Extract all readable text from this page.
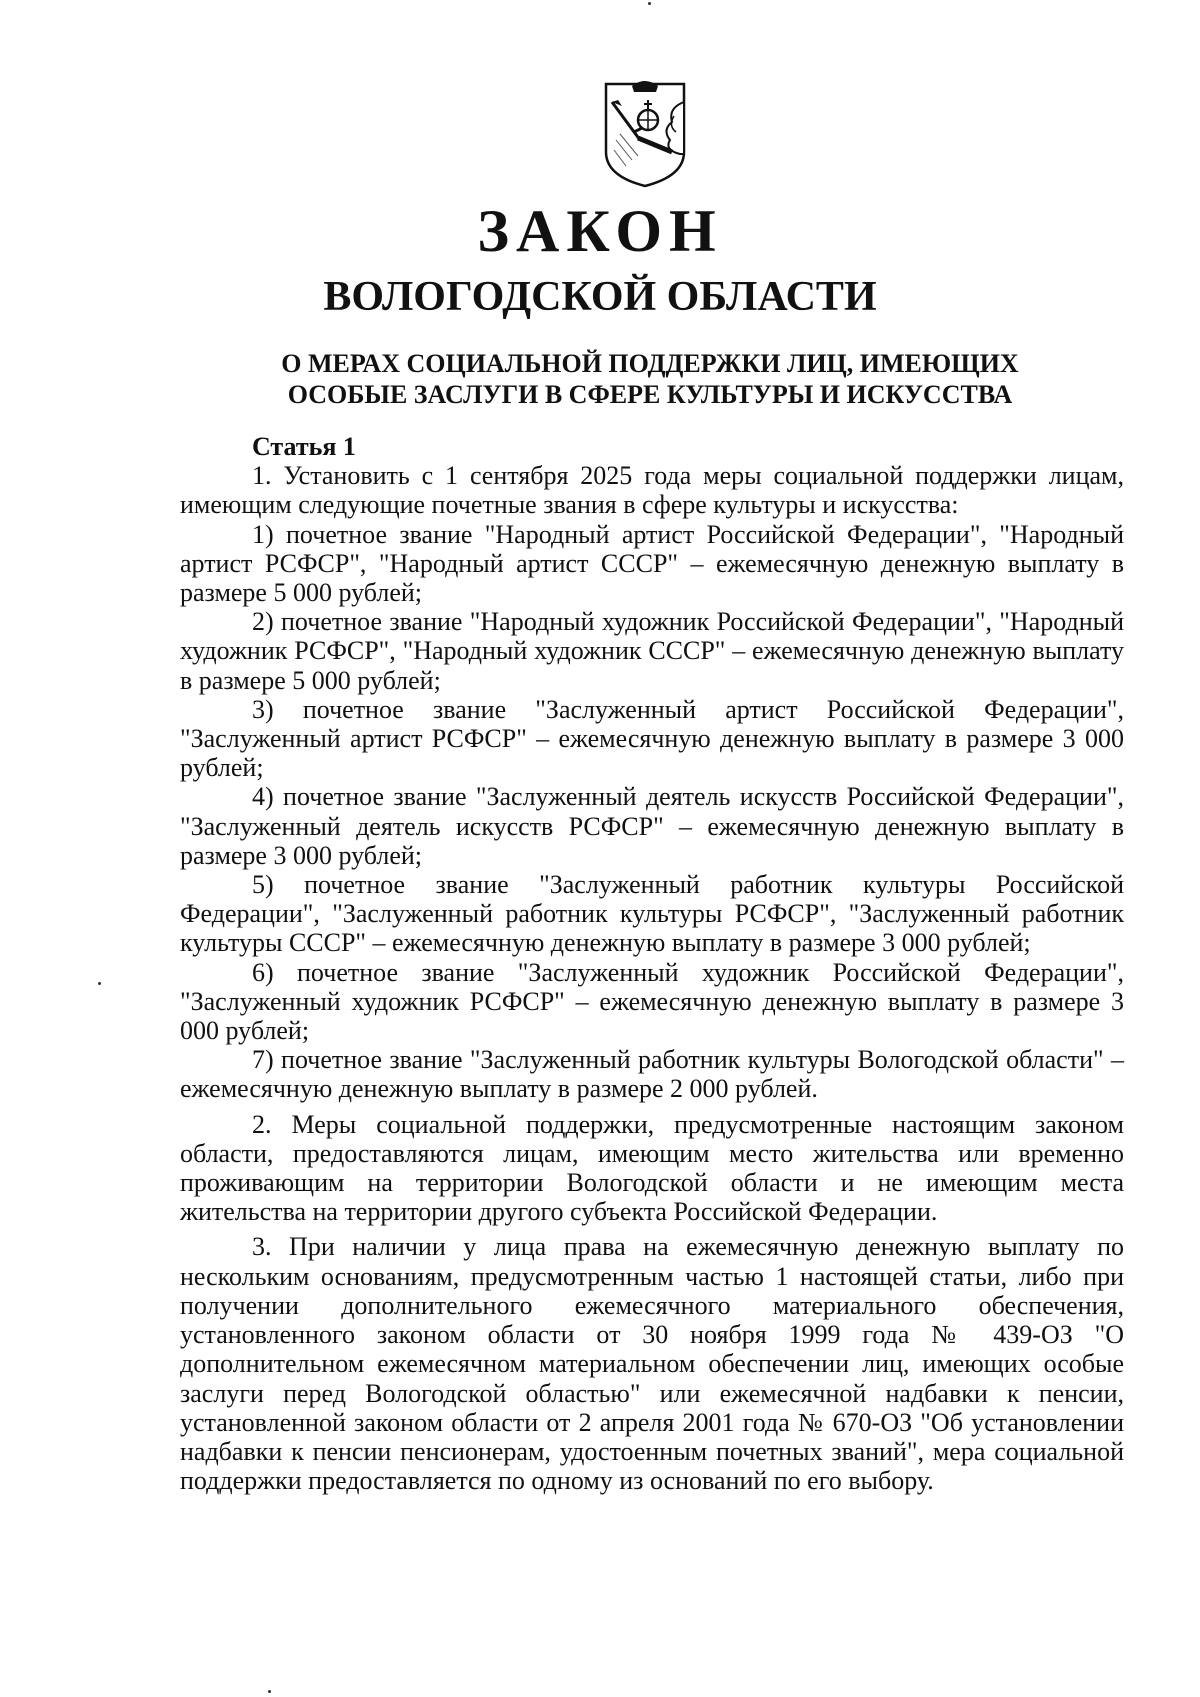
ЗАКОН
ВОЛОГОДСКОЙ ОБЛАСТИ
О МЕРАХ СОЦИАЛЬНОЙ ПОДДЕРЖКИ ЛИЦ, ИМЕЮЩИХ
ОСОБЫЕ ЗАСЛУГИ В СФЕРЕ КУЛЬТУРЫ И ИСКУССТВА

Статья 1

1. Установить с 1 сентября 2025 года меры социальной поддержки лицам, имеющим следующие почетные звания в сфере культуры и искусства:

1) почетное звание "Народный артист Российской Федерации", "Народный артист РСФСР", "Народный артист СССР" – ежемесячную денежную выплату в размере 5 000 рублей;

2) почетное звание "Народный художник Российской Федерации", "Народный художник РСФСР", "Народный художник СССР" – ежемесячную денежную выплату в размере 5 000 рублей;

3) почетное звание "Заслуженный артист Российской Федерации", "Заслуженный артист РСФСР" – ежемесячную денежную выплату в размере 3 000 рублей;

4) почетное звание "Заслуженный деятель искусств Российской Федерации", "Заслуженный деятель искусств РСФСР" – ежемесячную денежную выплату в размере 3 000 рублей;

5) почетное звание "Заслуженный работник культуры Российской Федерации", "Заслуженный работник культуры РСФСР", "Заслуженный работник культуры СССР" – ежемесячную денежную выплату в размере 3 000 рублей;

6) почетное звание "Заслуженный художник Российской Федерации", "Заслуженный художник РСФСР" – ежемесячную денежную выплату в размере 3 000 рублей;

7) почетное звание "Заслуженный работник культуры Вологодской области" – ежемесячную денежную выплату в размере 2 000 рублей.

2. Меры социальной поддержки, предусмотренные настоящим законом области, предоставляются лицам, имеющим место жительства или временно проживающим на территории Вологодской области и не имеющим места жительства на территории другого субъекта Российской Федерации.

3. При наличии у лица права на ежемесячную денежную выплату по нескольким основаниям, предусмотренным частью 1 настоящей статьи, либо при получении дополнительного ежемесячного материального обеспечения, установленного законом области от 30 ноября 1999 года № 439-ОЗ "О дополнительном ежемесячном материальном обеспечении лиц, имеющих особые заслуги перед Вологодской областью" или ежемесячной надбавки к пенсии, установленной законом области от 2 апреля 2001 года № 670-ОЗ "Об установлении надбавки к пенсии пенсионерам, удостоенным почетных званий", мера социальной поддержки предоставляется по одному из оснований по его выбору.
